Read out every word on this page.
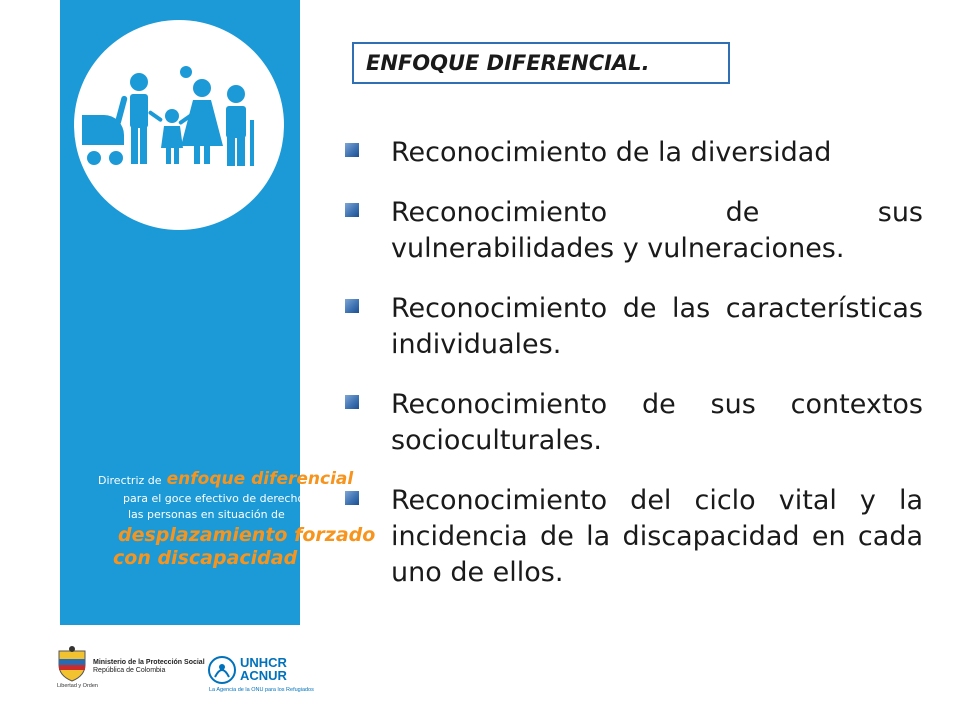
Directriz de enfoque diferencial
para el goce efectivo de derechos de
las personas en situación de
desplazamiento forzado
con discapacidad en Colombia
Libertad y Orden
Ministerio de la Protección Social
República de Colombia
UNHCR
ACNUR
La Agencia de la ONU para los Refugiados
ENFOQUE DIFERENCIAL.
Reconocimiento de la diversidad
Reconocimiento de sus vulnerabilidades y vulneraciones.
Reconocimiento de las características individuales.
Reconocimiento de sus contextos socioculturales.
Reconocimiento del ciclo vital y la incidencia de la discapacidad en cada uno de ellos.
